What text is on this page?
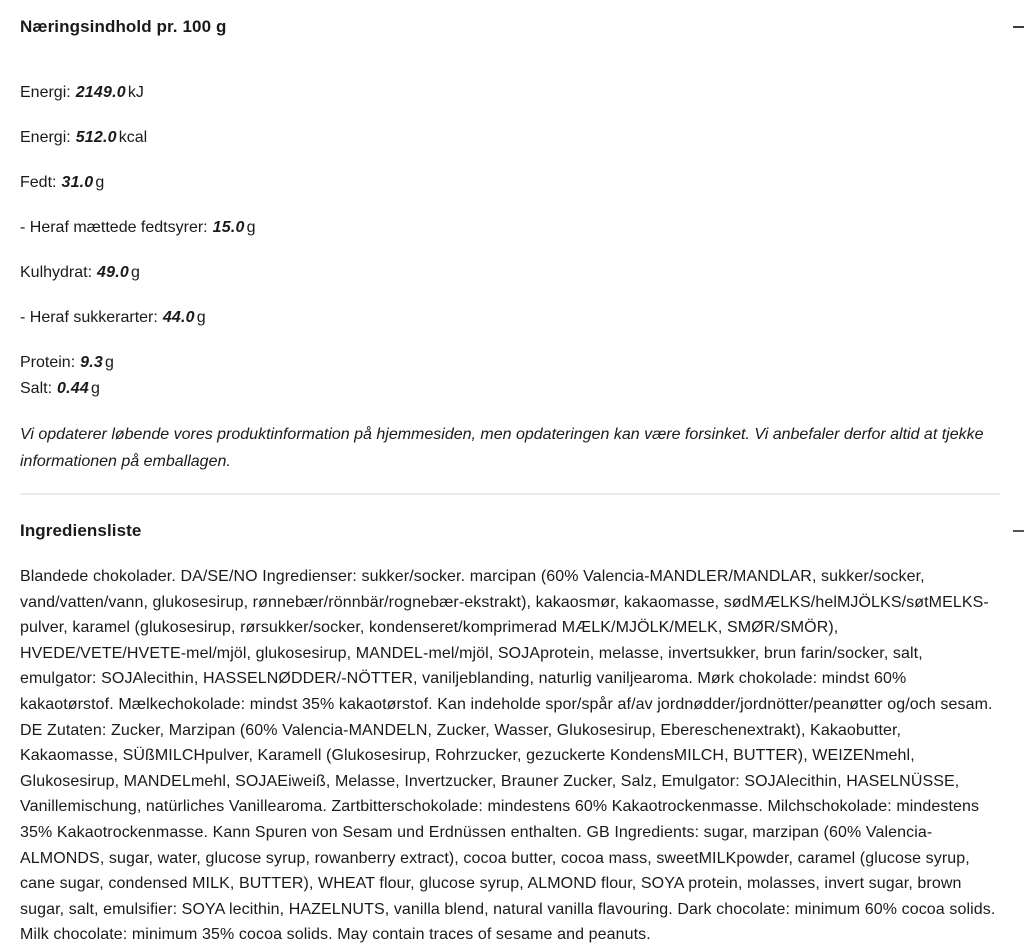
Næringsindhold pr. 100 g

Energi: 2149.0 kJ

Energi: 512.0 kcal

Fedt: 31.0 g

- Heraf mættede fedtsyrer: 15.0 g

Kulhydrat: 49.0 g

- Heraf sukkerarter: 44.0 g

Protein: 9.3 g

Salt: 0.44 g

Vi opdaterer løbende vores produktinformation på hjemmesiden, men opdateringen kan være forsinket. Vi anbefaler derfor altid at tjekke informationen på emballagen.

Ingrediensliste

Blandede chokolader. DA/SE/NO Ingredienser: sukker/socker. marcipan (60% Valencia-MANDLER/MANDLAR, sukker/socker, vand/vatten/vann, glukosesirup, rønnebær/rönnbär/rognebær-ekstrakt), kakaosmør, kakaomasse, sødMÆLKS/helMJÖLKS/søtMELKS-pulver, karamel (glukosesirup, rørsukker/socker, kondenseret/komprimerad MÆLK/MJÖLK/MELK, SMØR/SMÖR), HVEDE/VETE/HVETE-mel/mjöl, glukosesirup, MANDEL-mel/mjöl, SOJAprotein, melasse, invertsukker, brun farin/socker, salt, emulgator: SOJAlecithin, HASSELNØDDER/-NÖTTER, vaniljeblanding, naturlig vaniljearoma. Mørk chokolade: mindst 60% kakaotørstof. Mælkechokolade: mindst 35% kakaotørstof. Kan indeholde spor/spår af/av jordnødder/jordnötter/peanøtter og/och sesam. DE Zutaten: Zucker, Marzipan (60% Valencia-MANDELN, Zucker, Wasser, Glukosesirup, Ebereschenextrakt), Kakaobutter, Kakaomasse, SÜßMILCHpulver, Karamell (Glukosesirup, Rohrzucker, gezuckerte KondensMILCH, BUTTER), WEIZENmehl, Glukosesirup, MANDELmehl, SOJAEiweiß, Melasse, Invertzucker, Brauner Zucker, Salz, Emulgator: SOJAlecithin, HASELNÜSSE, Vanillemischung, natürliches Vanillearoma. Zartbitterschokolade: mindestens 60% Kakaotrockenmasse. Milchschokolade: mindestens 35% Kakaotrockenmasse. Kann Spuren von Sesam und Erdnüssen enthalten. GB Ingredients: sugar, marzipan (60% Valencia-ALMONDS, sugar, water, glucose syrup, rowanberry extract), cocoa butter, cocoa mass, sweetMILKpowder, caramel (glucose syrup, cane sugar, condensed MILK, BUTTER), WHEAT flour, glucose syrup, ALMOND flour, SOYA protein, molasses, invert sugar, brown sugar, salt, emulsifier: SOYA lecithin, HAZELNUTS, vanilla blend, natural vanilla flavouring. Dark chocolate: minimum 60% cocoa solids. Milk chocolate: minimum 35% cocoa solids. May contain traces of sesame and peanuts.
